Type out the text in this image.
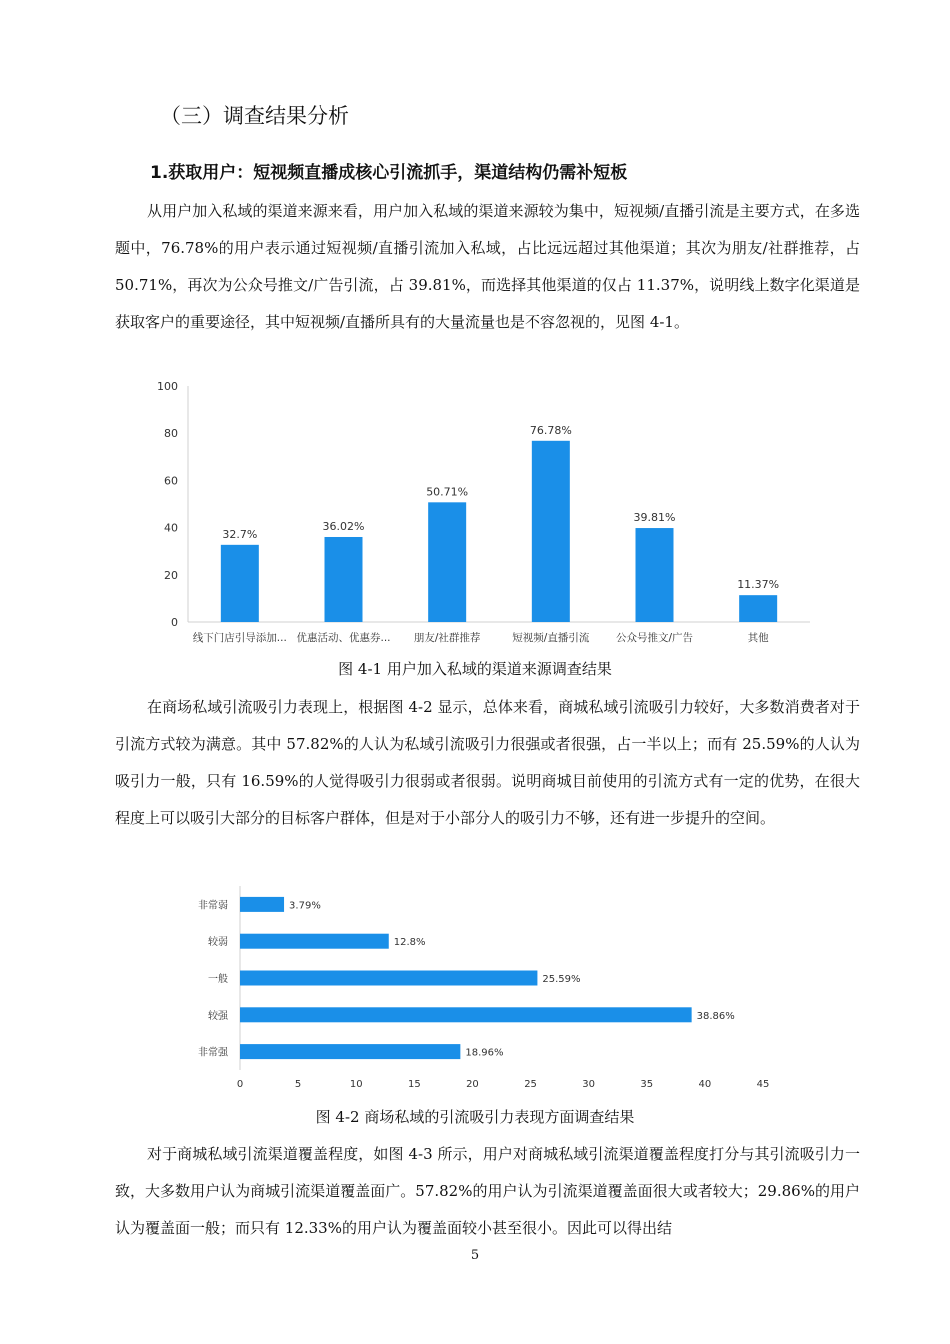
（三）调查结果分析
1.获取用户：短视频直播成核心引流抓手，渠道结构仍需补短板

从用户加入私域的渠道来源来看，用户加入私域的渠道来源较为集中，短视频/直播引流是主要方式，在多选题中，76.78%的用户表示通过短视频/直播引流加入私域，占比远远超过其他渠道；其次为朋友/社群推荐，占 50.71%，再次为公众号推文/广告引流，占 39.81%，而选择其他渠道的仅占 11.37%，说明线上数字化渠道是获取客户的重要途径，其中短视频/直播所具有的大量流量也是不容忽视的，见图 4-1。

0
20
40
60
80
100
32.7%
线下门店引导添加...
36.02%
优惠活动、优惠券...
50.71%
朋友/社群推荐
76.78%
短视频/直播引流
39.81%
公众号推文/广告
11.37%
其他
图 4-1 用户加入私域的渠道来源调查结果

在商场私域引流吸引力表现上，根据图 4-2 显示，总体来看，商城私域引流吸引力较好，大多数消费者对于引流方式较为满意。其中 57.82%的人认为私域引流吸引力很强或者很强，占一半以上；而有 25.59%的人认为吸引力一般，只有 16.59%的人觉得吸引力很弱或者很弱。说明商城目前使用的引流方式有一定的优势，在很大程度上可以吸引大部分的目标客户群体，但是对于小部分人的吸引力不够，还有进一步提升的空间。

3.79%
非常弱
12.8%
较弱
25.59%
一般
38.86%
较强
18.96%
非常强
0	5	10	15	20	25	30	35	40	45
图 4-2 商场私域的引流吸引力表现方面调查结果

对于商城私域引流渠道覆盖程度，如图 4-3 所示，用户对商城私域引流渠道覆盖程度打分与其引流吸引力一致，大多数用户认为商城引流渠道覆盖面广。57.82%的用户认为引流渠道覆盖面很大或者较大；29.86%的用户认为覆盖面一般；而只有 12.33%的用户认为覆盖面较小甚至很小。因此可以得出结

5
